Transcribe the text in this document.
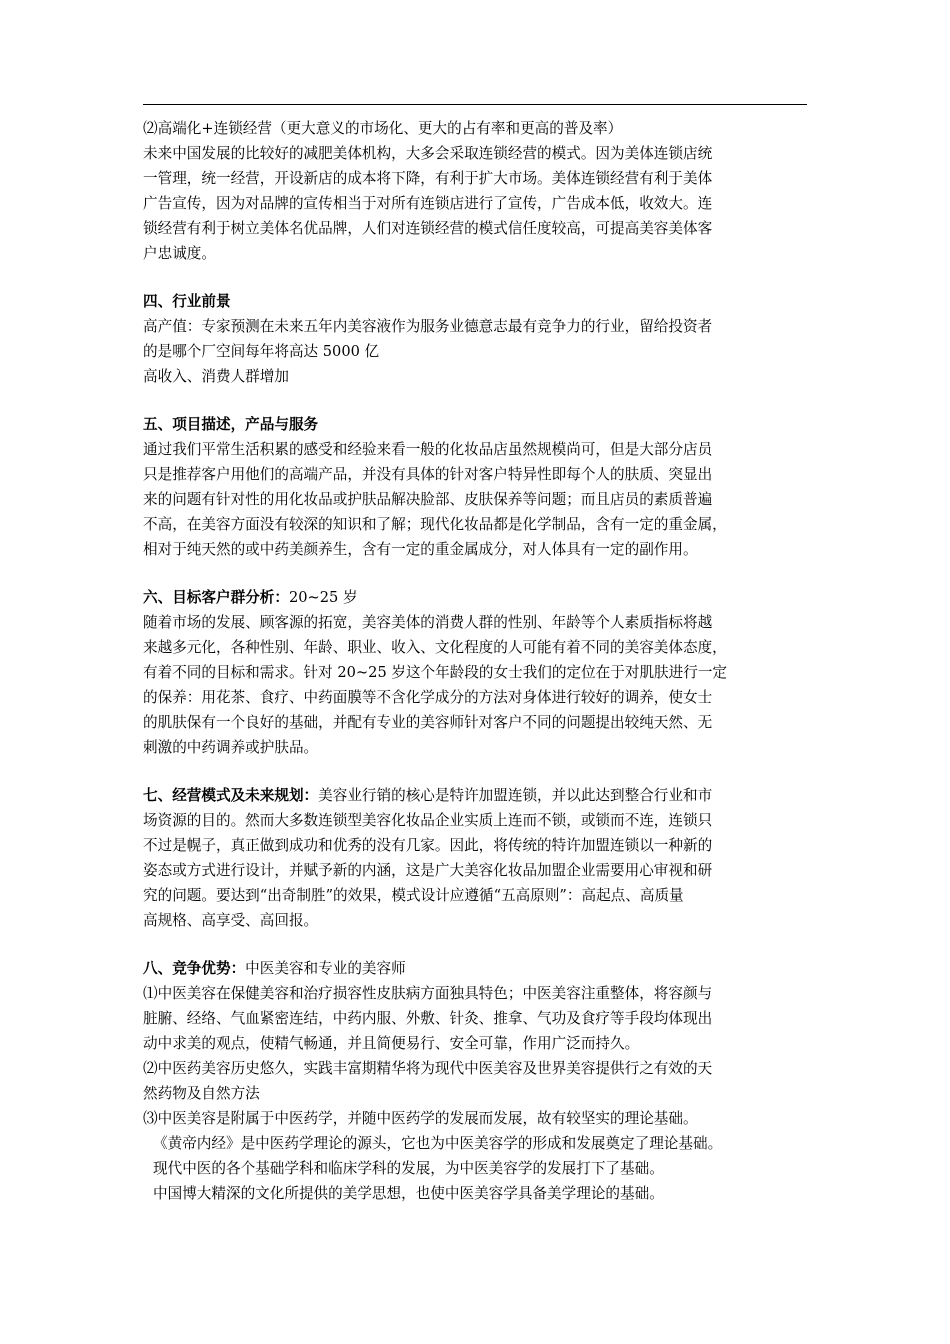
⑵高端化+连锁经营（更大意义的市场化、更大的占有率和更高的普及率）
未来中国发展的比较好的减肥美体机构，大多会采取连锁经营的模式。因为美体连锁店统
一管理，统一经营，开设新店的成本将下降，有利于扩大市场。美体连锁经营有利于美体
广告宣传，因为对品牌的宣传相当于对所有连锁店进行了宣传，广告成本低，收效大。连
锁经营有利于树立美体名优品牌，人们对连锁经营的模式信任度较高，可提高美容美体客
户忠诚度。
四、行业前景
高产值：专家预测在未来五年内美容液作为服务业德意志最有竞争力的行业，留给投资者
的是哪个厂空间每年将高达 5000 亿
高收入、消费人群增加
五、项目描述，产品与服务
通过我们平常生活积累的感受和经验来看一般的化妆品店虽然规模尚可，但是大部分店员
只是推荐客户用他们的高端产品，并没有具体的针对客户特异性即每个人的肤质、突显出
来的问题有针对性的用化妆品或护肤品解决脸部、皮肤保养等问题；而且店员的素质普遍
不高，在美容方面没有较深的知识和了解；现代化妆品都是化学制品，含有一定的重金属，
相对于纯天然的或中药美颜养生，含有一定的重金属成分，对人体具有一定的副作用。
六、目标客户群分析：20~25 岁
随着市场的发展、顾客源的拓宽，美容美体的消费人群的性别、年龄等个人素质指标将越
来越多元化，各种性别、年龄、职业、收入、文化程度的人可能有着不同的美容美体态度，
有着不同的目标和需求。针对 20~25 岁这个年龄段的女士我们的定位在于对肌肤进行一定
的保养：用花茶、食疗、中药面膜等不含化学成分的方法对身体进行较好的调养，使女士
的肌肤保有一个良好的基础，并配有专业的美容师针对客户不同的问题提出较纯天然、无
刺激的中药调养或护肤品。
七、经营模式及未来规划：美容业行销的核心是特许加盟连锁，并以此达到整合行业和市
场资源的目的。然而大多数连锁型美容化妆品企业实质上连而不锁，或锁而不连，连锁只
不过是幌子，真正做到成功和优秀的没有几家。因此，将传统的特许加盟连锁以一种新的
姿态或方式进行设计，并赋予新的内涵，这是广大美容化妆品加盟企业需要用心审视和研
究的问题。要达到“出奇制胜”的效果，模式设计应遵循“五高原则”：高起点、高质量
高规格、高享受、高回报。
八、竞争优势：中医美容和专业的美容师
⑴中医美容在保健美容和治疗损容性皮肤病方面独具特色；中医美容注重整体，将容颜与
脏腑、经络、气血紧密连结，中药内服、外敷、针灸、推拿、气功及食疗等手段均体现出
动中求美的观点，使精气畅通，并且简便易行、安全可靠，作用广泛而持久。
⑵中医药美容历史悠久，实践丰富期精华将为现代中医美容及世界美容提供行之有效的天
然药物及自然方法
⑶中医美容是附属于中医药学，并随中医药学的发展而发展，故有较坚实的理论基础。
《黄帝内经》是中医药学理论的源头，它也为中医美容学的形成和发展奠定了理论基础。
现代中医的各个基础学科和临床学科的发展，为中医美容学的发展打下了基础。
中国博大精深的文化所提供的美学思想，也使中医美容学具备美学理论的基础。
